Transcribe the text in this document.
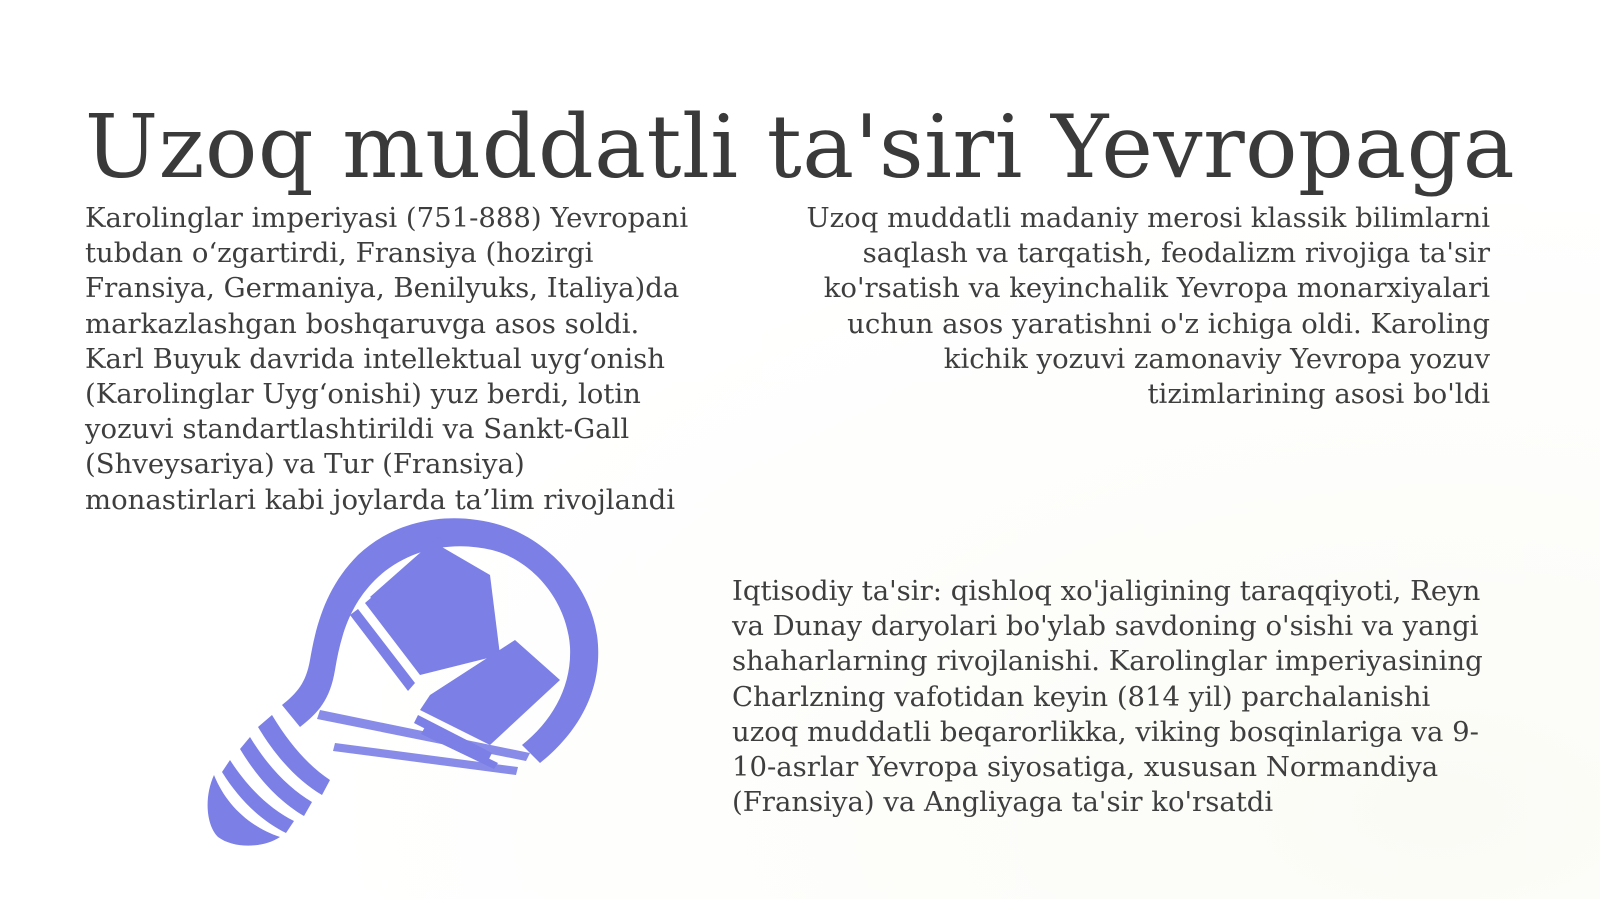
Uzoq muddatli ta'siri Yevropaga

Karolinglar imperiyasi (751-888) Yevropani tubdan o‘zgartirdi, Fransiya (hozirgi Fransiya, Germaniya, Benilyuks, Italiya)da markazlashgan boshqaruvga asos soldi. Karl Buyuk davrida intellektual uyg‘onish (Karolinglar Uyg‘onishi) yuz berdi, lotin yozuvi standartlashtirildi va Sankt-Gall (Shveysariya) va Tur (Fransiya) monastirlari kabi joylarda ta’lim rivojlandi

Uzoq muddatli madaniy merosi klassik bilimlarni saqlash va tarqatish, feodalizm rivojiga ta'sir ko'rsatish va keyinchalik Yevropa monarxiyalari uchun asos yaratishni o'z ichiga oldi. Karoling kichik yozuvi zamonaviy Yevropa yozuv tizimlarining asosi bo'ldi

Iqtisodiy ta'sir: qishloq xo'jaligining taraqqiyoti, Reyn va Dunay daryolari bo'ylab savdoning o'sishi va yangi shaharlarning rivojlanishi. Karolinglar imperiyasining Charlzning vafotidan keyin (814 yil) parchalanishi uzoq muddatli beqarorlikka, viking bosqinlariga va 9-10-asrlar Yevropa siyosatiga, xususan Normandiya (Fransiya) va Angliyaga ta'sir ko'rsatdi
